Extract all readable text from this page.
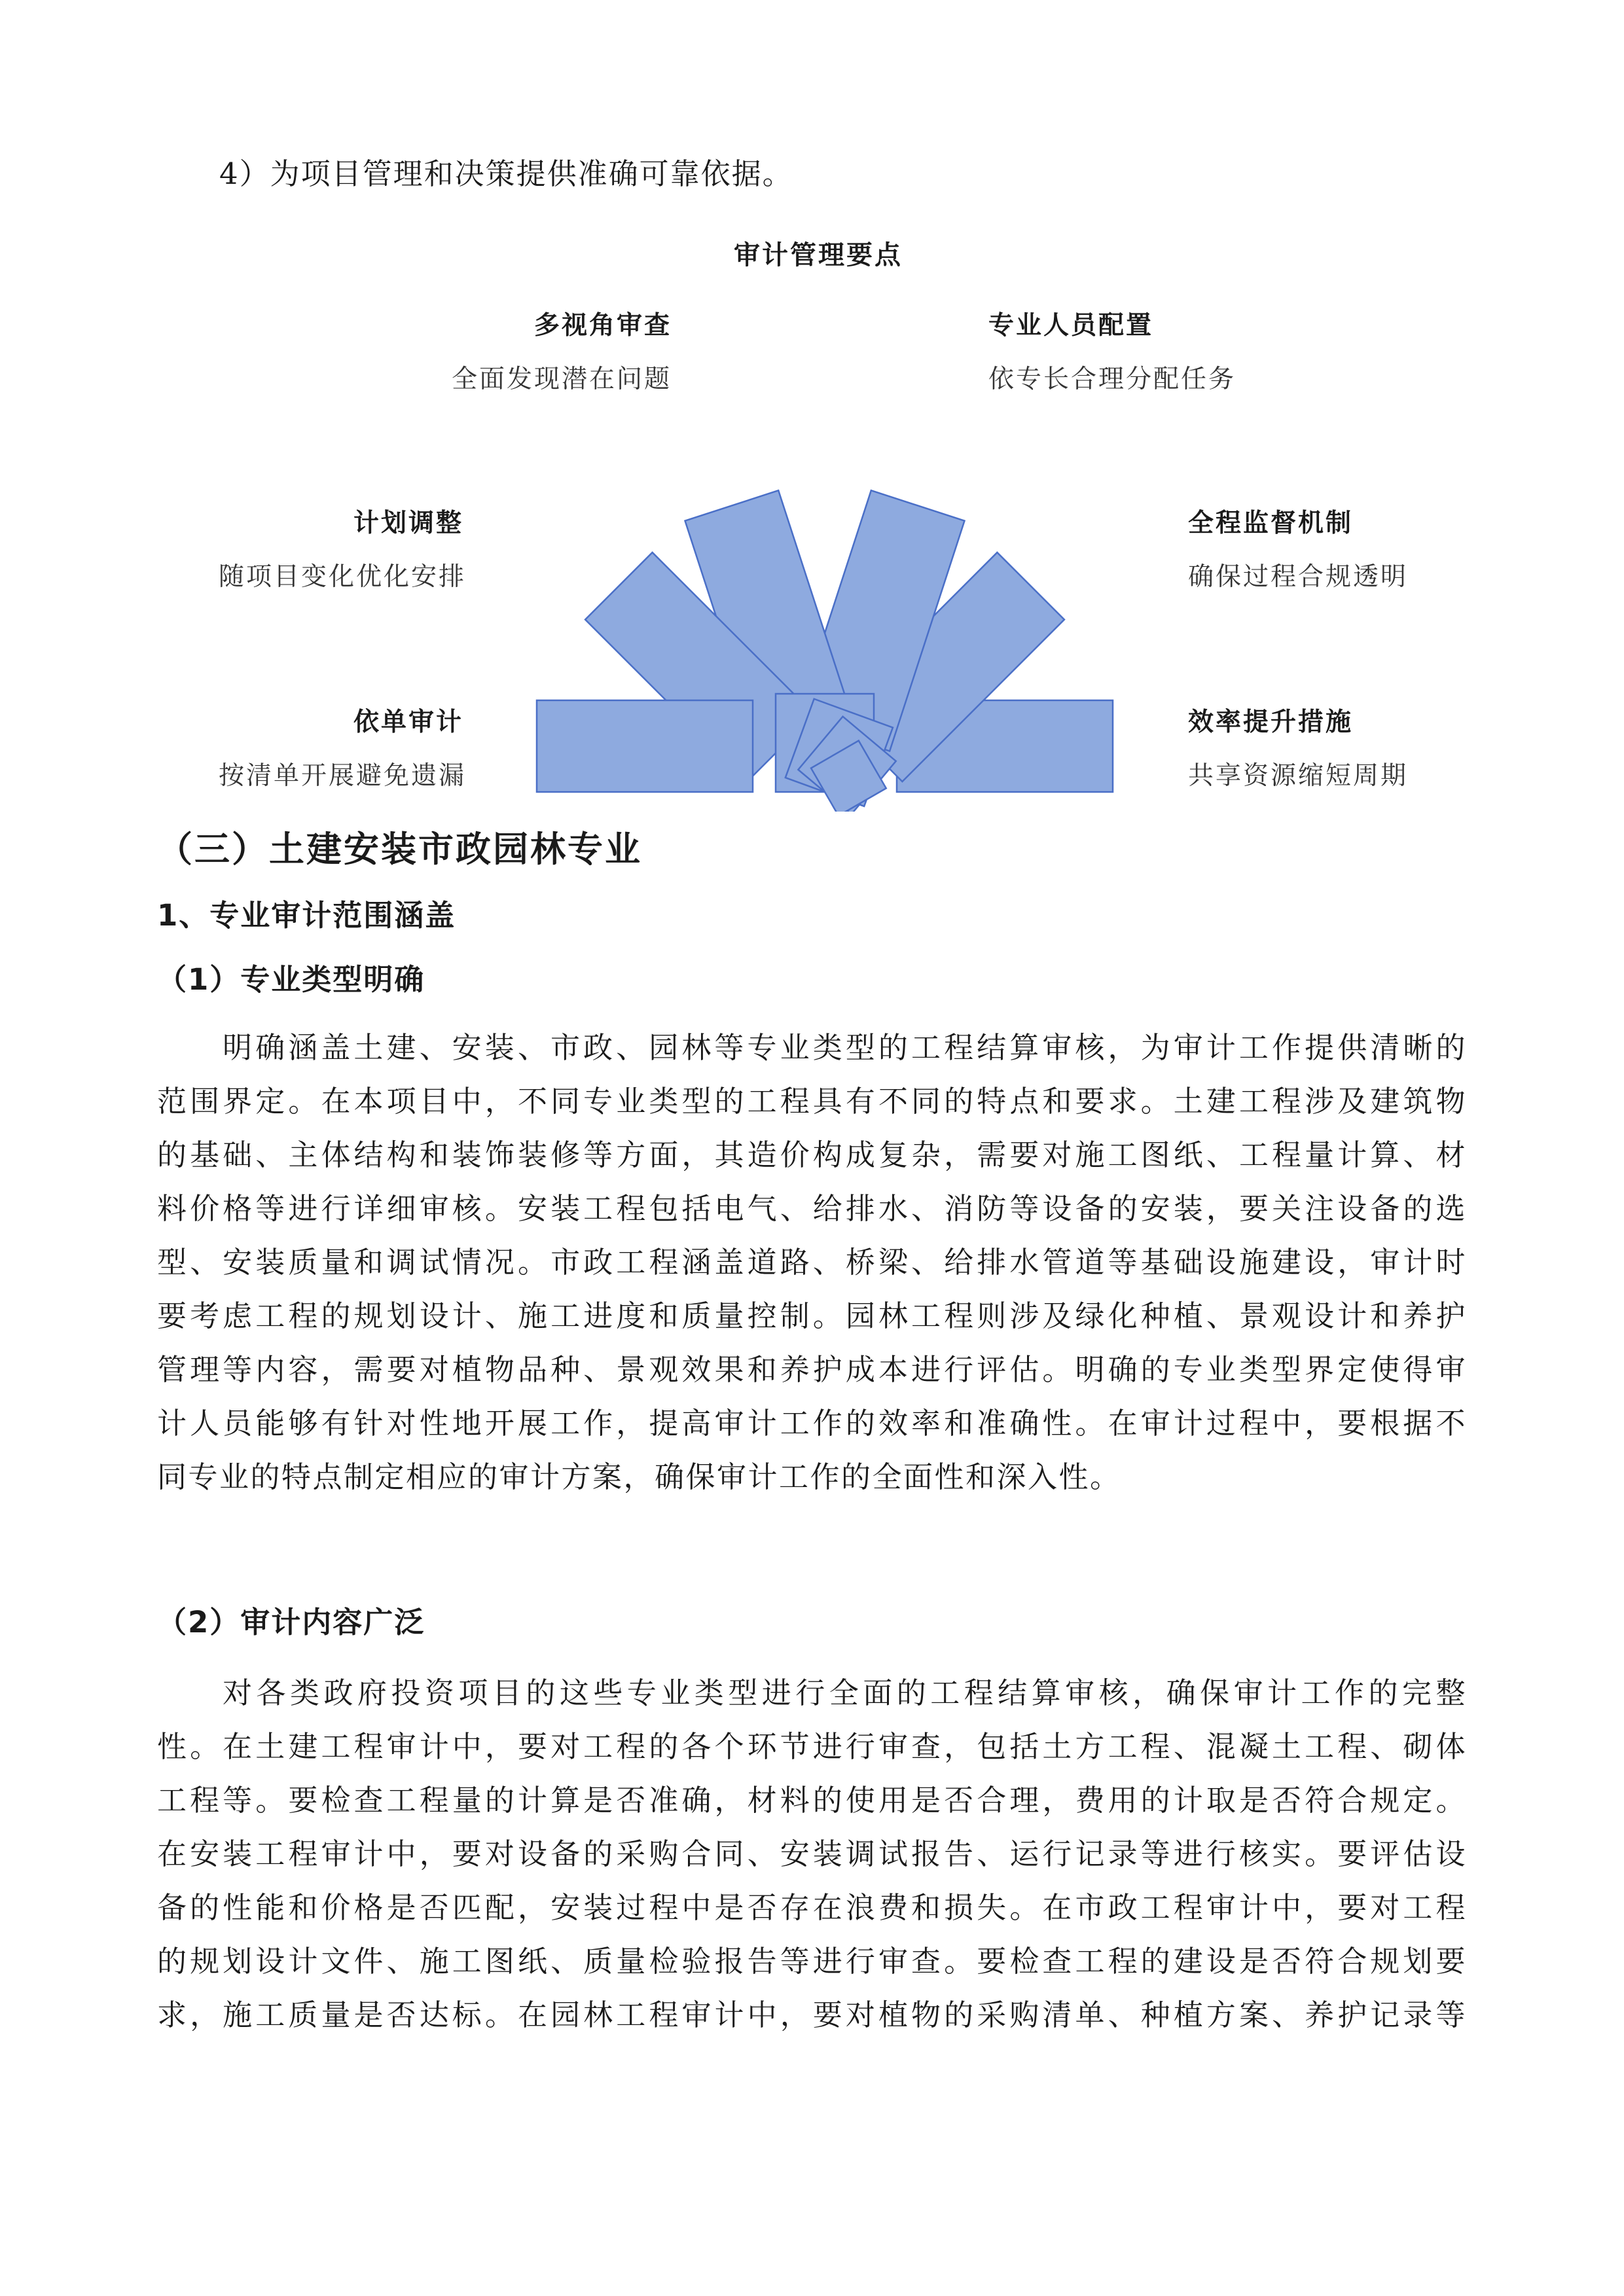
4）为项目管理和决策提供准确可靠依据。
审计管理要点
多视角审查
全面发现潜在问题
专业人员配置
依专长合理分配任务
计划调整
随项目变化优化安排
全程监督机制
确保过程合规透明
依单审计
按清单开展避免遗漏
效率提升措施
共享资源缩短周期
（三）土建安装市政园林专业
1、专业审计范围涵盖
（1）专业类型明确
明确涵盖土建、安装、市政、园林等专业类型的工程结算审核，为审计工作提供清晰的
范围界定。在本项目中，不同专业类型的工程具有不同的特点和要求。土建工程涉及建筑物
的基础、主体结构和装饰装修等方面，其造价构成复杂，需要对施工图纸、工程量计算、材
料价格等进行详细审核。安装工程包括电气、给排水、消防等设备的安装，要关注设备的选
型、安装质量和调试情况。市政工程涵盖道路、桥梁、给排水管道等基础设施建设，审计时
要考虑工程的规划设计、施工进度和质量控制。园林工程则涉及绿化种植、景观设计和养护
管理等内容，需要对植物品种、景观效果和养护成本进行评估。明确的专业类型界定使得审
计人员能够有针对性地开展工作，提高审计工作的效率和准确性。在审计过程中，要根据不
同专业的特点制定相应的审计方案，确保审计工作的全面性和深入性。
（2）审计内容广泛
对各类政府投资项目的这些专业类型进行全面的工程结算审核，确保审计工作的完整
性。在土建工程审计中，要对工程的各个环节进行审查，包括土方工程、混凝土工程、砌体
工程等。要检查工程量的计算是否准确，材料的使用是否合理，费用的计取是否符合规定。
在安装工程审计中，要对设备的采购合同、安装调试报告、运行记录等进行核实。要评估设
备的性能和价格是否匹配，安装过程中是否存在浪费和损失。在市政工程审计中，要对工程
的规划设计文件、施工图纸、质量检验报告等进行审查。要检查工程的建设是否符合规划要
求，施工质量是否达标。在园林工程审计中，要对植物的采购清单、种植方案、养护记录等
